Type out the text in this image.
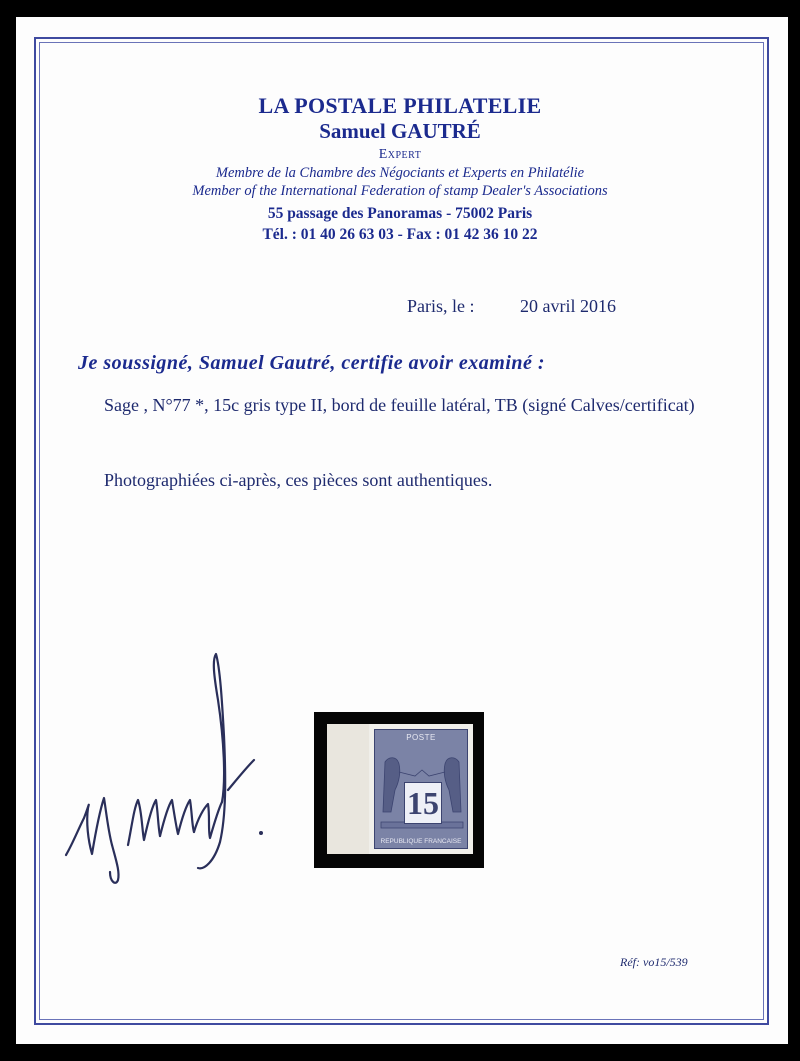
LA POSTALE PHILATELIE
Samuel GAUTRÉ
Expert
Membre de la Chambre des Négociants et Experts en Philatélie
Member of the International Federation of stamp Dealer's Associations
55 passage des Panoramas - 75002 Paris
Tél. : 01 40 26 63 03 - Fax : 01 42 36 10 22
Paris, le :	20 avril 2016
Je soussigné, Samuel Gautré, certifie avoir examiné :
Sage , N°77 *, 15c gris type II, bord de feuille latéral, TB (signé Calves/certificat)
Photographiées ci-après, ces pièces sont authentiques.
POSTE
15
REPUBLIQUE FRANCAISE
Réf: vo15/539
